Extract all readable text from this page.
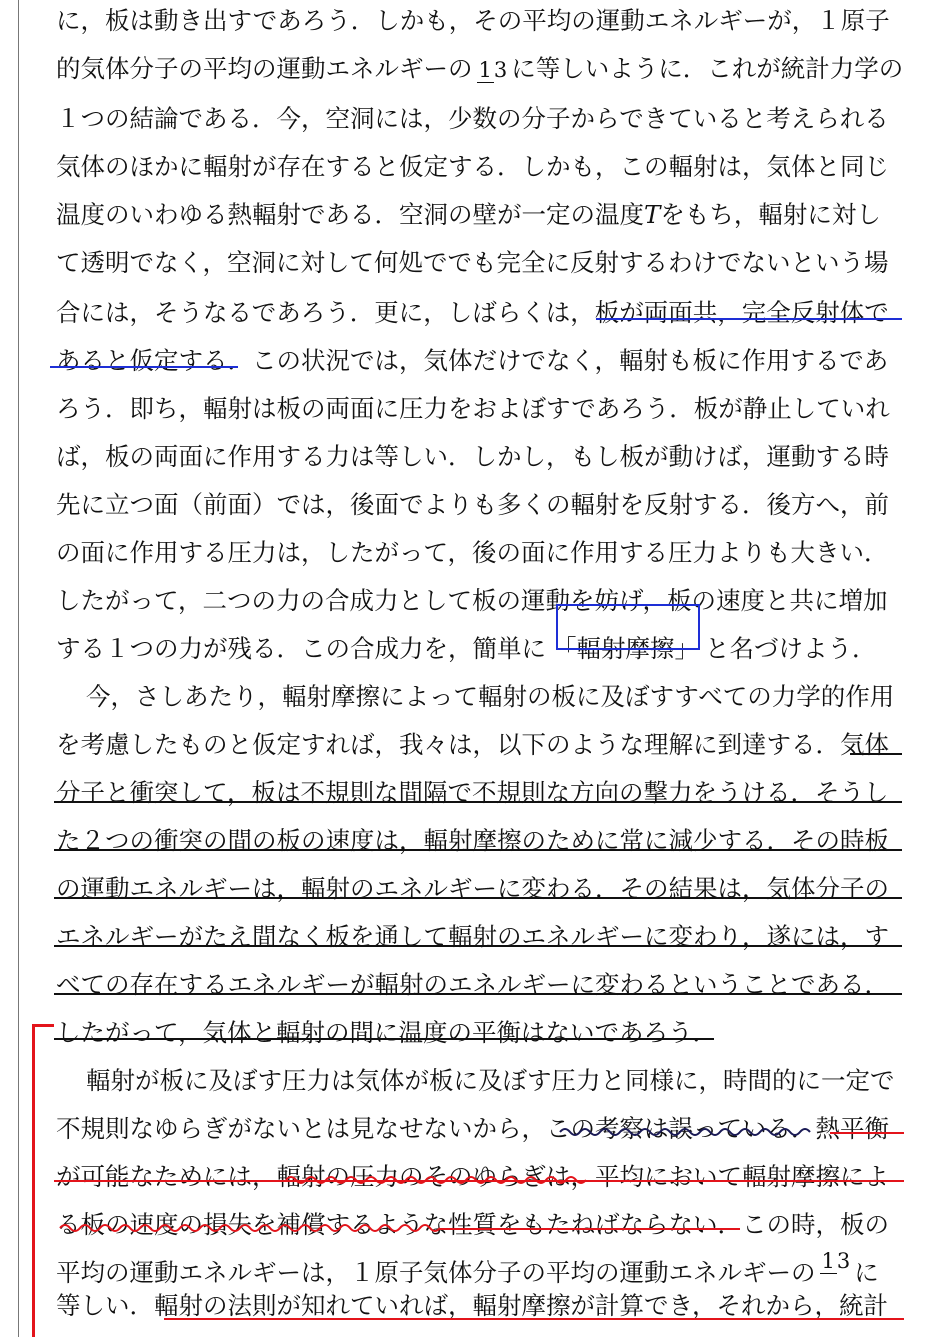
に，板は動き出すであろう．しかも，その平均の運動エネルギーが，１原子
的気体分子の平均の運動エネルギーの 13 に等しいように．これが統計力学の
１つの結論である．今，空洞には，少数の分子からできていると考えられる
気体のほかに輻射が存在すると仮定する．しかも，この輻射は，気体と同じ
温度のいわゆる熱輻射である．空洞の壁が一定の温度Tをもち，輻射に対し
て透明でなく，空洞に対して何処ででも完全に反射するわけでないという場
合には，そうなるであろう．更に，しばらくは，板が両面共，完全反射体で
あると仮定する．この状況では，気体だけでなく，輻射も板に作用するであ
ろう．即ち，輻射は板の両面に圧力をおよぼすであろう．板が静止していれ
ば，板の両面に作用する力は等しい．しかし，もし板が動けば，運動する時
先に立つ面（前面）では，後面でよりも多くの輻射を反射する．後方へ，前
の面に作用する圧力は，したがって，後の面に作用する圧力よりも大きい．
したがって，二つの力の合成力として板の運動を妨げ，板の速度と共に増加
する１つの力が残る．この合成力を，簡単に 「輻射摩擦」 と名づけよう．
今，さしあたり，輻射摩擦によって輻射の板に及ぼすすべての力学的作用
を考慮したものと仮定すれば，我々は，以下のような理解に到達する．気体
分子と衝突して，板は不規則な間隔で不規則な方向の撃力をうける．そうし
た２つの衝突の間の板の速度は，輻射摩擦のために常に減少する．その時板
の運動エネルギーは，輻射のエネルギーに変わる．その結果は，気体分子の
エネルギーがたえ間なく板を通して輻射のエネルギーに変わり，遂には，す
べての存在するエネルギーが輻射のエネルギーに変わるということである．
したがって，気体と輻射の間に温度の平衡はないであろう．
輻射が板に及ぼす圧力は気体が板に及ぼす圧力と同様に，時間的に一定で
不規則なゆらぎがないとは見なせないから，この考察は誤っている．熱平衡
が可能なためには，輻射の圧力のそのゆらぎは，平均において輻射摩擦によ
る板の速度の損失を補償するような性質をもたねばならない．この時，板の
平均の運動エネルギーは，１原子気体分子の平均の運動エネルギーの 13 に
等しい．輻射の法則が知れていれば，輻射摩擦が計算でき，それから，統計
